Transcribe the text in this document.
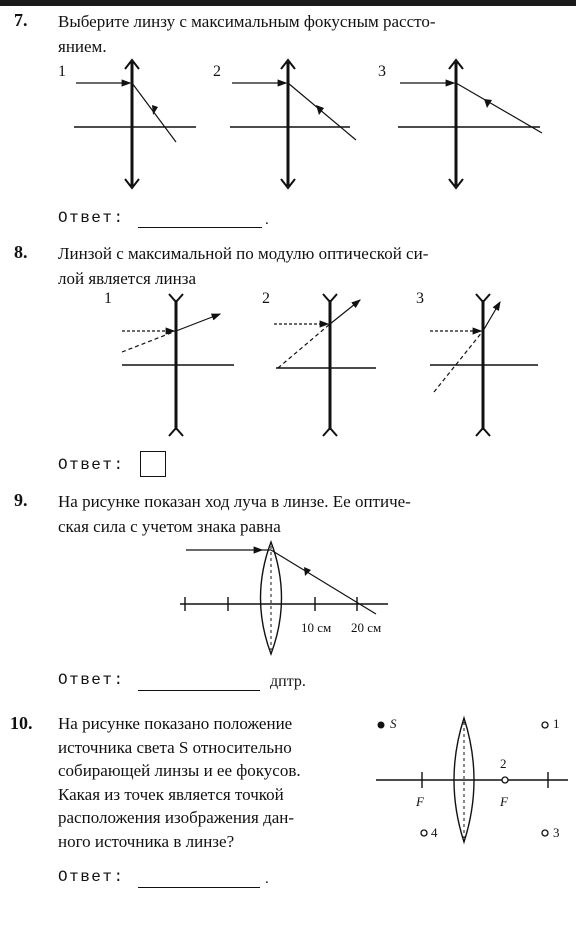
7. Выберите линзу с максимальным фокусным рассто-
янием.
1	2	3
Ответ:	.
8. Линзой с максимальной по модулю оптической си-
лой является линза
1	2	3
Ответ:
9. На рисунке показан ход луча в линзе. Ее оптиче-
ская сила с учетом знака равна
10 см 20 см
Ответ:	дптр.
10. На рисунке показано положение
источника света S относительно
собирающей линзы и ее фокусов.
Какая из точек является точкой
расположения изображения дан-
ного источника в линзе?
S
F	F
1
2
3
4
Ответ:	.
